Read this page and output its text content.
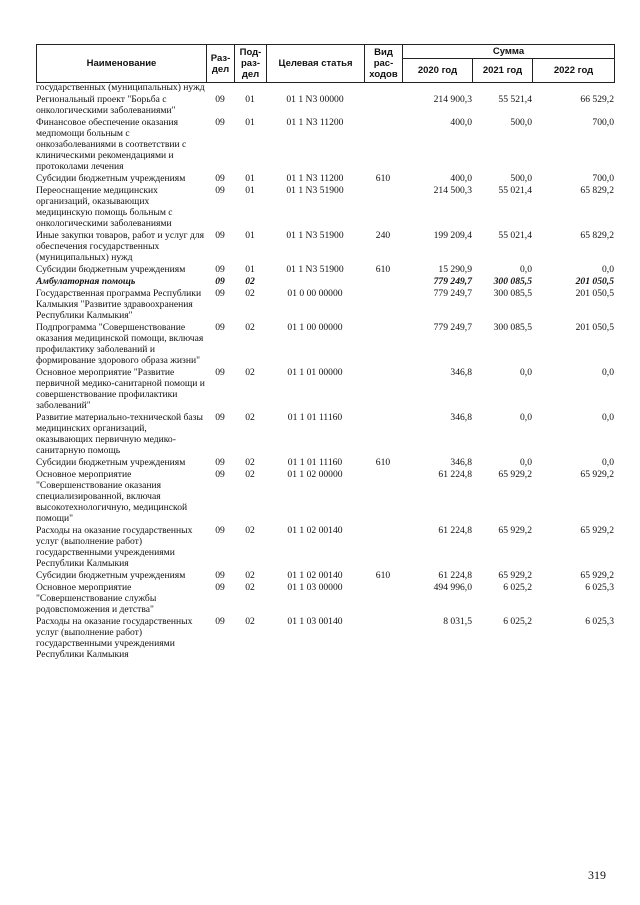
Наименование	Раз-дел	Под-раз-дел	Целевая статья	Вид рас-ходов	Сумма		
					2020 год	2021 год	2022 год
государственных (муниципальных) нужд							
Региональный проект "Борьба с онкологическими заболеваниями"	09	01	01 1 N3 00000		214 900,3	55 521,4	66 529,2
Финансовое обеспечение оказания медпомощи больным с онкозаболеваниями в соответствии с клиническими рекомендациями и протоколами лечения	09	01	01 1 N3 11200		400,0	500,0	700,0
Субсидии бюджетным учреждениям	09	01	01 1 N3 11200	610	400,0	500,0	700,0
Переоснащение медицинских организаций, оказывающих медицинскую помощь больным с онкологическими заболеваниями	09	01	01 1 N3 51900		214 500,3	55 021,4	65 829,2
Иные закупки товаров, работ и услуг для обеспечения государственных (муниципальных) нужд	09	01	01 1 N3 51900	240	199 209,4	55 021,4	65 829,2
Субсидии бюджетным учреждениям	09	01	01 1 N3 51900	610	15 290,9	0,0	0,0
Амбулаторная помощь	09	02			779 249,7	300 085,5	201 050,5
Государственная программа Республики Калмыкия "Развитие здравоохранения Республики Калмыкия"	09	02	01 0 00 00000		779 249,7	300 085,5	201 050,5
Подпрограмма "Совершенствование оказания медицинской помощи, включая профилактику заболеваний и формирование здорового образа жизни"	09	02	01 1 00 00000		779 249,7	300 085,5	201 050,5
Основное мероприятие "Развитие первичной медико-санитарной помощи и совершенствование профилактики заболеваний"	09	02	01 1 01 00000		346,8	0,0	0,0
Развитие материально-технической базы медицинских организаций, оказывающих первичную медико-санитарную помощь	09	02	01 1 01 11160		346,8	0,0	0,0
Субсидии бюджетным учреждениям	09	02	01 1 01 11160	610	346,8	0,0	0,0
Основное мероприятие "Совершенствование оказания специализированной, включая высокотехнологичную, медицинской помощи"	09	02	01 1 02 00000		61 224,8	65 929,2	65 929,2
Расходы на оказание государственных услуг (выполнение работ) государственными учреждениями Республики Калмыкия	09	02	01 1 02 00140		61 224,8	65 929,2	65 929,2
Субсидии бюджетным учреждениям	09	02	01 1 02 00140	610	61 224,8	65 929,2	65 929,2
Основное мероприятие "Совершенствование службы родовспоможения и детства"	09	02	01 1 03 00000		494 996,0	6 025,2	6 025,3
Расходы на оказание государственных услуг (выполнение работ) государственными учреждениями Республики Калмыкия	09	02	01 1 03 00140		8 031,5	6 025,2	6 025,3
319
